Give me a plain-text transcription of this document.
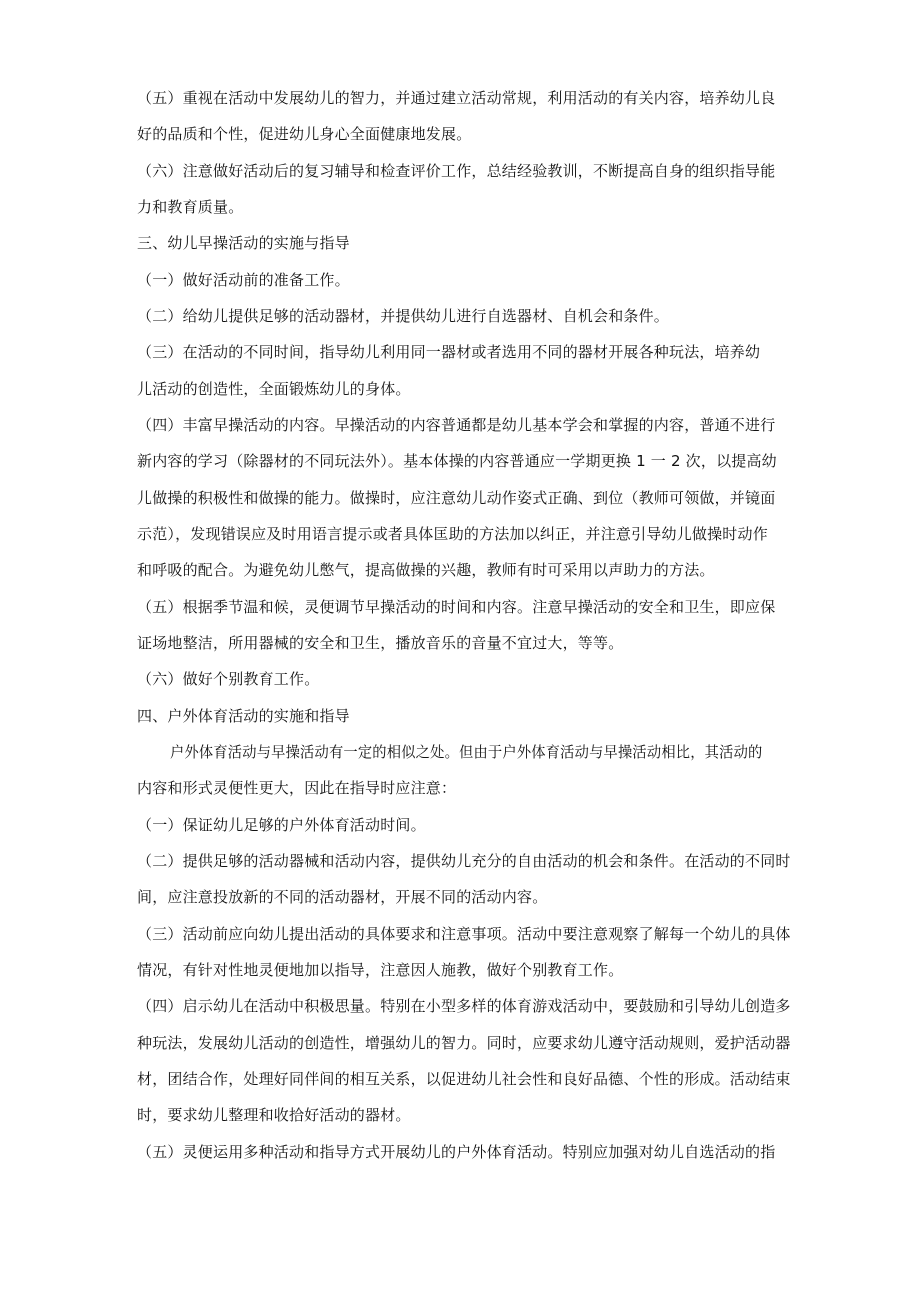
（五）重视在活动中发展幼儿的智力，并通过建立活动常规，利用活动的有关内容，培养幼儿良
好的品质和个性，促进幼儿身心全面健康地发展。
（六）注意做好活动后的复习辅导和检查评价工作，总结经验教训，不断提高自身的组织指导能
力和教育质量。
三、幼儿早操活动的实施与指导
（一）做好活动前的准备工作。
（二）给幼儿提供足够的活动器材，并提供幼儿进行自选器材、自机会和条件。
（三）在活动的不同时间，指导幼儿利用同一器材或者选用不同的器材开展各种玩法，培养幼
儿活动的创造性，全面锻炼幼儿的身体。
（四）丰富早操活动的内容。早操活动的内容普通都是幼儿基本学会和掌握的内容，普通不进行
新内容的学习（除器材的不同玩法外）。基本体操的内容普通应一学期更换 1 一 2 次，以提高幼
儿做操的积极性和做操的能力。做操时，应注意幼儿动作姿式正确、到位（教师可领做，并镜面
示范），发现错误应及时用语言提示或者具体匡助的方法加以纠正，并注意引导幼儿做操时动作
和呼吸的配合。为避免幼儿憋气，提高做操的兴趣，教师有时可采用以声助力的方法。
（五）根据季节温和候，灵便调节早操活动的时间和内容。注意早操活动的安全和卫生，即应保
证场地整洁，所用器械的安全和卫生，播放音乐的音量不宜过大，等等。
（六）做好个别教育工作。
四、户外体育活动的实施和指导
户外体育活动与早操活动有一定的相似之处。但由于户外体育活动与早操活动相比，其活动的
内容和形式灵便性更大，因此在指导时应注意：
（一）保证幼儿足够的户外体育活动时间。
（二）提供足够的活动器械和活动内容，提供幼儿充分的自由活动的机会和条件。在活动的不同时
间，应注意投放新的不同的活动器材，开展不同的活动内容。
（三）活动前应向幼儿提出活动的具体要求和注意事项。活动中要注意观察了解每一个幼儿的具体
情况，有针对性地灵便地加以指导，注意因人施教，做好个别教育工作。
（四）启示幼儿在活动中积极思量。特别在小型多样的体育游戏活动中，要鼓励和引导幼儿创造多
种玩法，发展幼儿活动的创造性，增强幼儿的智力。同时，应要求幼儿遵守活动规则，爱护活动器
材，团结合作，处理好同伴间的相互关系，以促进幼儿社会性和良好品德、个性的形成。活动结束
时，要求幼儿整理和收拾好活动的器材。
（五）灵便运用多种活动和指导方式开展幼儿的户外体育活动。特别应加强对幼儿自选活动的指
